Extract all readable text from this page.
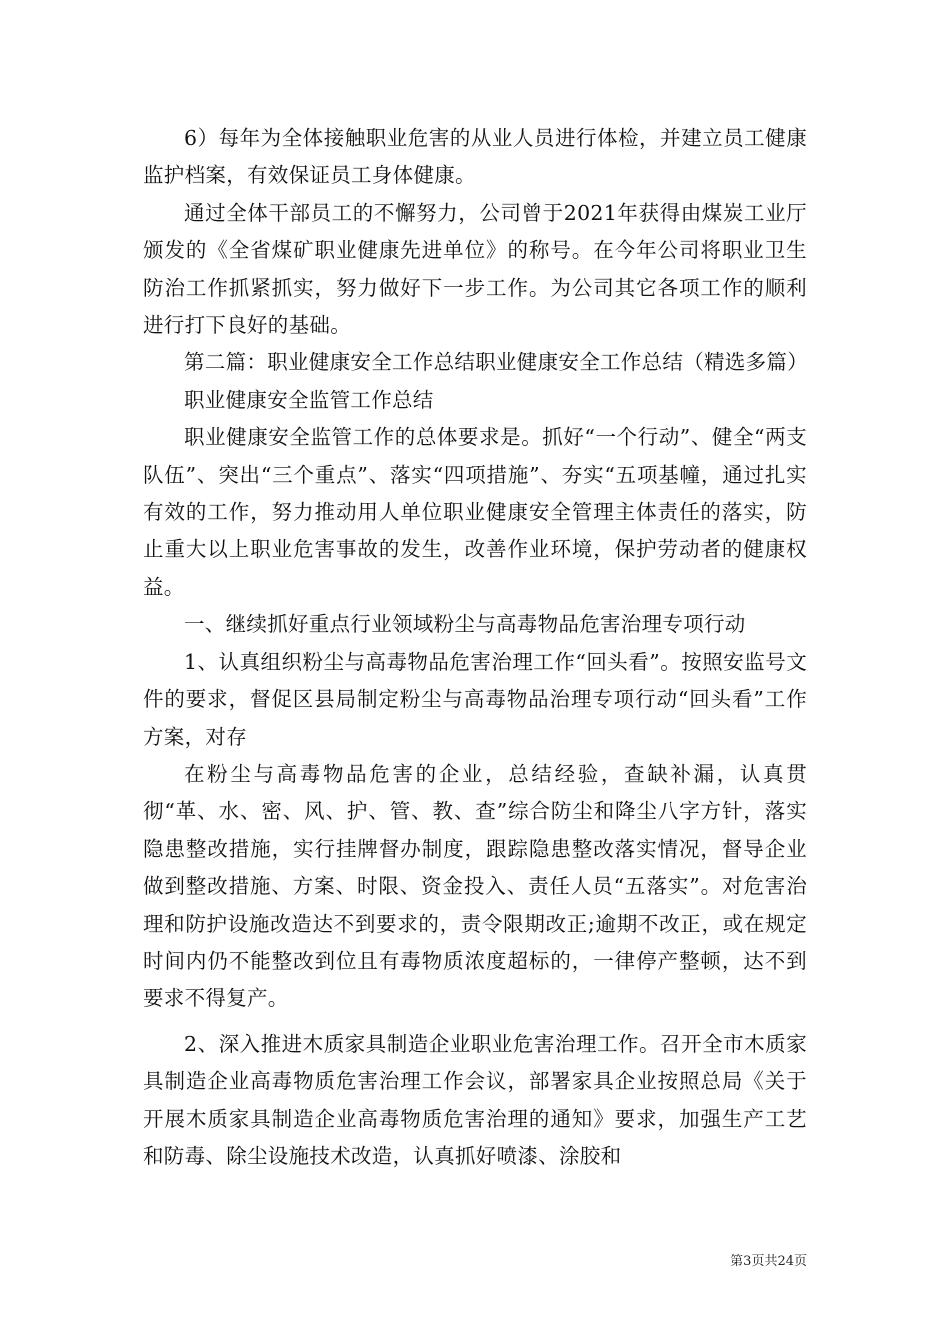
6）每年为全体接触职业危害的从业人员进行体检，并建立员工健康监护档案，有效保证员工身体健康。

通过全体干部员工的不懈努力，公司曾于2021年获得由煤炭工业厅颁发的《全省煤矿职业健康先进单位》的称号。在今年公司将职业卫生防治工作抓紧抓实，努力做好下一步工作。为公司其它各项工作的顺利进行打下良好的基础。

第二篇：职业健康安全工作总结职业健康安全工作总结（精选多篇）

职业健康安全监管工作总结

职业健康安全监管工作的总体要求是。抓好“一个行动”、健全“两支队伍”、突出“三个重点”、落实“四项措施”、夯实“五项基幢，通过扎实有效的工作，努力推动用人单位职业健康安全管理主体责任的落实，防止重大以上职业危害事故的发生，改善作业环境，保护劳动者的健康权益。

一、继续抓好重点行业领域粉尘与高毒物品危害治理专项行动

1、认真组织粉尘与高毒物品危害治理工作“回头看”。按照安监号文件的要求，督促区县局制定粉尘与高毒物品治理专项行动“回头看”工作方案，对存

在粉尘与高毒物品危害的企业，总结经验，查缺补漏，认真贯彻“革、水、密、风、护、管、教、查”综合防尘和降尘八字方针，落实隐患整改措施，实行挂牌督办制度，跟踪隐患整改落实情况，督导企业做到整改措施、方案、时限、资金投入、责任人员“五落实”。对危害治理和防护设施改造达不到要求的，责令限期改正;逾期不改正，或在规定时间内仍不能整改到位且有毒物质浓度超标的，一律停产整顿，达不到要求不得复产。

2、深入推进木质家具制造企业职业危害治理工作。召开全市木质家具制造企业高毒物质危害治理工作会议，部署家具企业按照总局《关于开展木质家具制造企业高毒物质危害治理的通知》要求，加强生产工艺和防毒、除尘设施技术改造，认真抓好喷漆、涂胶和

第3页共24页
